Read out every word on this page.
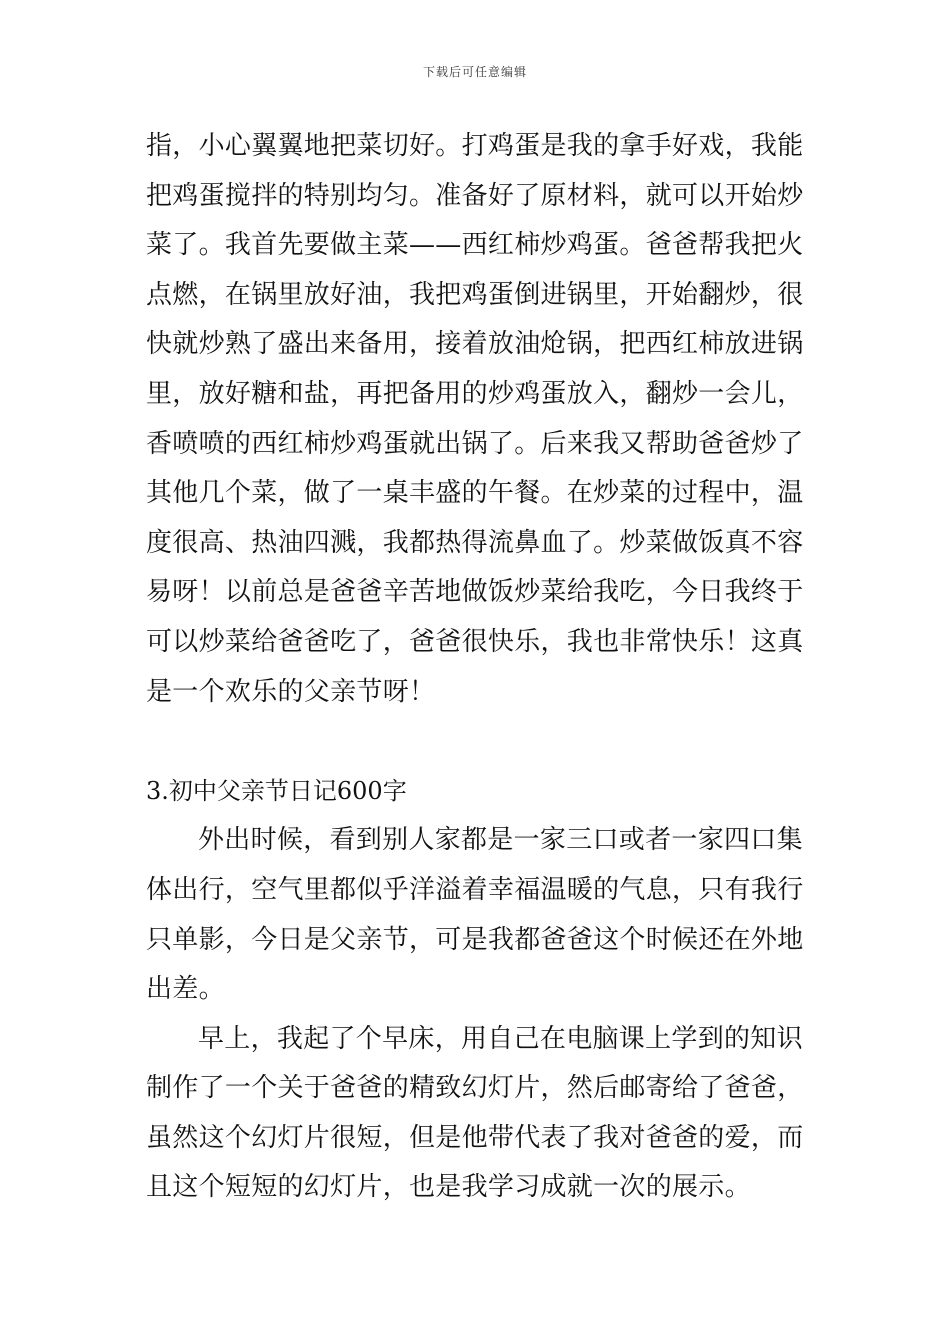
下载后可任意编辑
指，小心翼翼地把菜切好。打鸡蛋是我的拿手好戏，我能
把鸡蛋搅拌的特别均匀。准备好了原材料，就可以开始炒
菜了。我首先要做主菜——西红柿炒鸡蛋。爸爸帮我把火
点燃，在锅里放好油，我把鸡蛋倒进锅里，开始翻炒，很
快就炒熟了盛出来备用，接着放油炝锅，把西红柿放进锅
里，放好糖和盐，再把备用的炒鸡蛋放入，翻炒一会儿，
香喷喷的西红柿炒鸡蛋就出锅了。后来我又帮助爸爸炒了
其他几个菜，做了一桌丰盛的午餐。在炒菜的过程中，温
度很高、热油四溅，我都热得流鼻血了。炒菜做饭真不容
易呀！以前总是爸爸辛苦地做饭炒菜给我吃，今日我终于
可以炒菜给爸爸吃了，爸爸很快乐，我也非常快乐！这真
是一个欢乐的父亲节呀！
3.初中父亲节日记600字
外出时候，看到别人家都是一家三口或者一家四口集
体出行，空气里都似乎洋溢着幸福温暖的气息，只有我行
只单影，今日是父亲节，可是我都爸爸这个时候还在外地
出差。
早上，我起了个早床，用自己在电脑课上学到的知识
制作了一个关于爸爸的精致幻灯片，然后邮寄给了爸爸，
虽然这个幻灯片很短，但是他带代表了我对爸爸的爱，而
且这个短短的幻灯片，也是我学习成就一次的展示。
